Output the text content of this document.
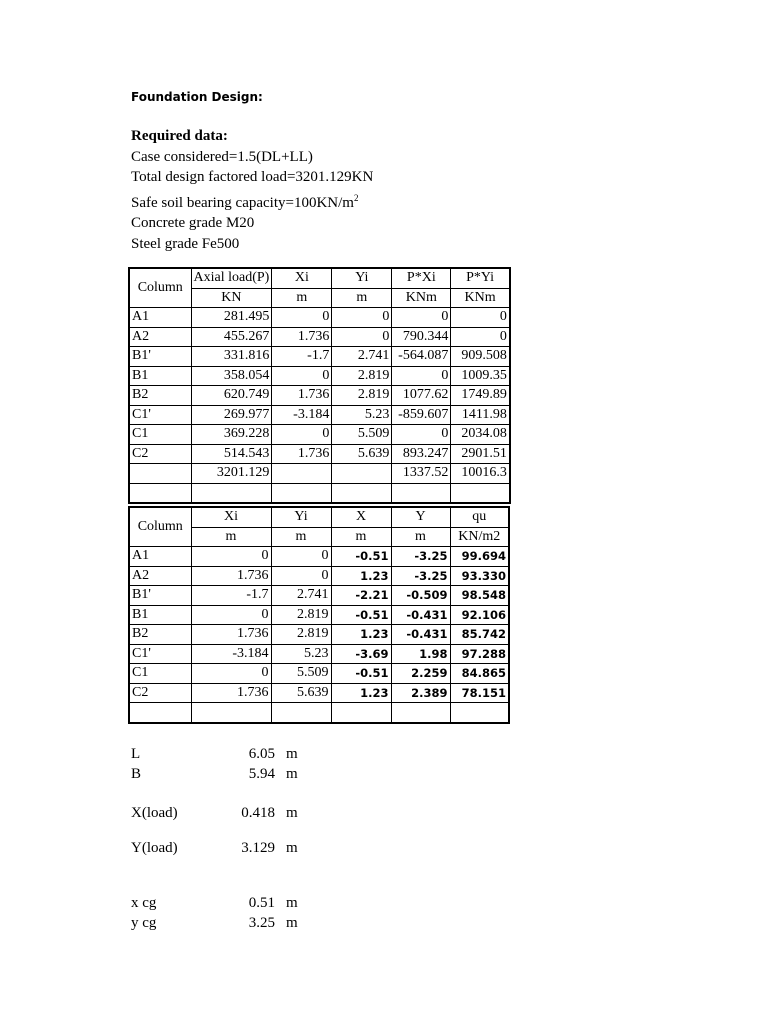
Foundation Design:
Required data:
Case considered=1.5(DL+LL)
Total design factored load=3201.129KN
Safe soil bearing $capacity=100KN/m^2$
Concrete grade M20
Steel grade Fe500
Column	Axial load(P)	Xi	Yi	P*Xi	P*Yi
	KN	m	m	KNm	KNm
A1	281.495	0	0	0	0
A2	455.267	1.736	0	790.344	0
B1'	331.816	-1.7	2.741	-564.087	909.508
B1	358.054	0	2.819	0	1009.35
B2	620.749	1.736	2.819	1077.62	1749.89
C1'	269.977	-3.184	5.23	-859.607	1411.98
C1	369.228	0	5.509	0	2034.08
C2	514.543	1.736	5.639	893.247	2901.51
	3201.129			1337.52	10016.3

Column	Xi	Yi	X	Y	qu
	m	m	m	m	KN/m2
A1	0	0	-0.51	-3.25	99.694
A2	1.736	0	1.23	-3.25	93.330
B1'	-1.7	2.741	-2.21	-0.509	98.548
B1	0	2.819	-0.51	-0.431	92.106
B2	1.736	2.819	1.23	-0.431	85.742
C1'	-3.184	5.23	-3.69	1.98	97.288
C1	0	5.509	-0.51	2.259	84.865
C2	1.736	5.639	1.23	2.389	78.151

L	6.05 m
B	5.94 m
X(load)	0.418 m
Y(load)	3.129 m
x cg	0.51 m
y cg	3.25 m
